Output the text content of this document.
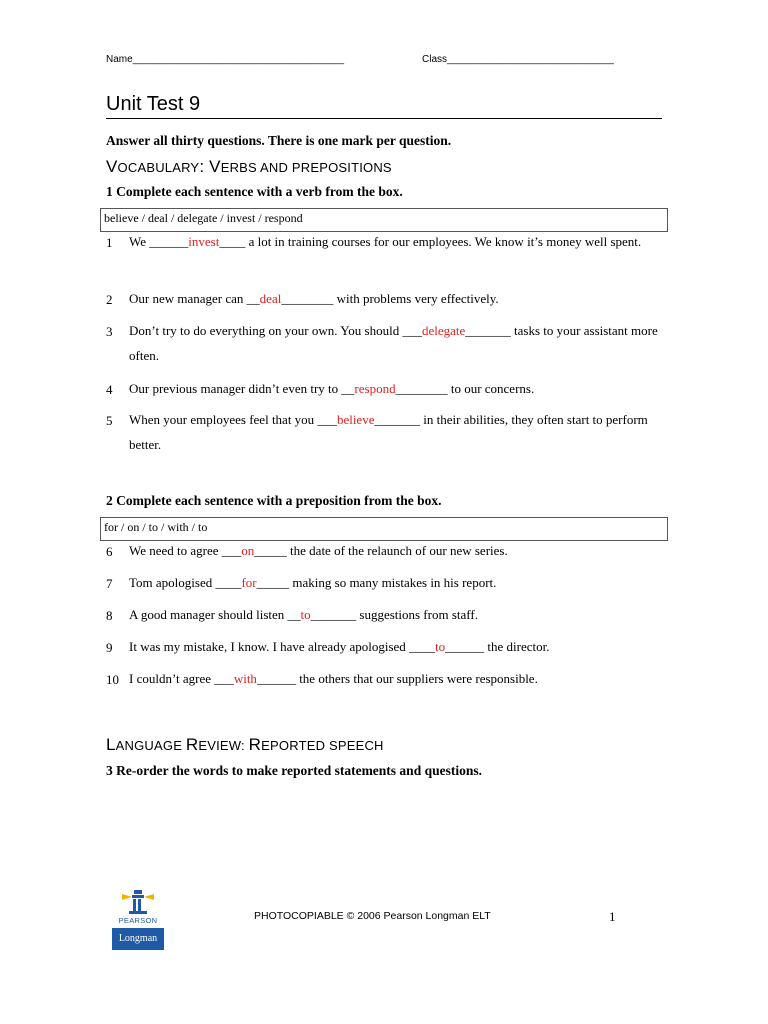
Name______________________________________	Class______________________________
Unit Test 9
Answer all thirty questions. There is one mark per question.
VOCABULARY: VERBS AND PREPOSITIONS
1 Complete each sentence with a verb from the box.
believe / deal / delegate / invest / respond
1 We ______invest____ a lot in training courses for our employees. We know it’s money well spent.
2 Our new manager can __deal________ with problems very effectively.
3 Don’t try to do everything on your own. You should ___delegate_______ tasks to your assistant more often.
4 Our previous manager didn’t even try to __respond________ to our concerns.
5 When your employees feel that you ___believe_______ in their abilities, they often start to perform better.
2 Complete each sentence with a preposition from the box.
for / on / to / with / to
6 We need to agree ___on_____ the date of the relaunch of our new series.
7 Tom apologised ____for_____ making so many mistakes in his report.
8 A good manager should listen __to_______ suggestions from staff.
9 It was my mistake, I know. I have already apologised ____to______ the director.
10 I couldn’t agree ___with______ the others that our suppliers were responsible.
LANGUAGE REVIEW: REPORTED SPEECH
3 Re-order the words to make reported statements and questions.
PEARSON
Longman
PHOTOCOPIABLE © 2006 Pearson Longman ELT	1
